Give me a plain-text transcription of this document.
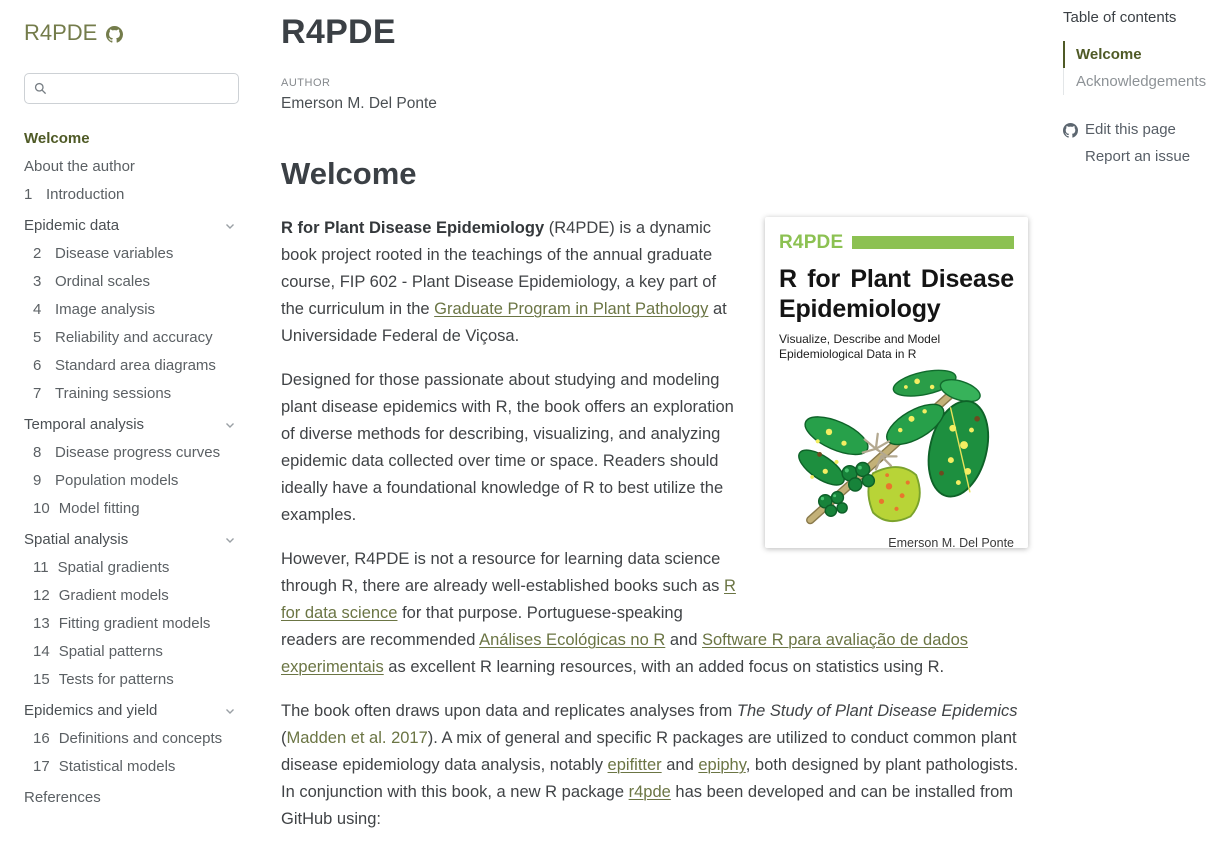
R4PDE
Welcome
About the author
1 Introduction
Epidemic data
2 Disease variables
3 Ordinal scales
4 Image analysis
5 Reliability and accuracy
6 Standard area diagrams
7 Training sessions
Temporal analysis
8 Disease progress curves
9 Population models
10 Model fitting
Spatial analysis
11 Spatial gradients
12 Gradient models
13 Fitting gradient models
14 Spatial patterns
15 Tests for patterns
Epidemics and yield
16 Definitions and concepts
17 Statistical models
References
R4PDE
AUTHOR
Emerson M. Del Ponte
Welcome
R4PDE
R for Plant Disease Epidemiology
Visualize, Describe and Model Epidemiological Data in R
Emerson M. Del Ponte

R for Plant Disease Epidemiology (R4PDE) is a dynamic book project rooted in the teachings of the annual graduate course, FIP 602 - Plant Disease Epidemiology, a key part of the curriculum in the Graduate Program in Plant Pathology at Universidade Federal de Viçosa.

Designed for those passionate about studying and modeling plant disease epidemics with R, the book offers an exploration of diverse methods for describing, visualizing, and analyzing epidemic data collected over time or space. Readers should ideally have a foundational knowledge of R to best utilize the examples.

However, R4PDE is not a resource for learning data science through R, there are already well-established books such as R for data science for that purpose. Portuguese-speaking readers are recommended Análises Ecológicas no R and Software R para avaliação de dados experimentais as excellent R learning resources, with an added focus on statistics using R.

The book often draws upon data and replicates analyses from The Study of Plant Disease Epidemics (Madden et al. 2017). A mix of general and specific R packages are utilized to conduct common plant disease epidemiology data analysis, notably epifitter and epiphy, both designed by plant pathologists. In conjunction with this book, a new R package r4pde has been developed and can be installed from GitHub using:

Table of contents
Welcome
Acknowledgements
Edit this page
Report an issue
